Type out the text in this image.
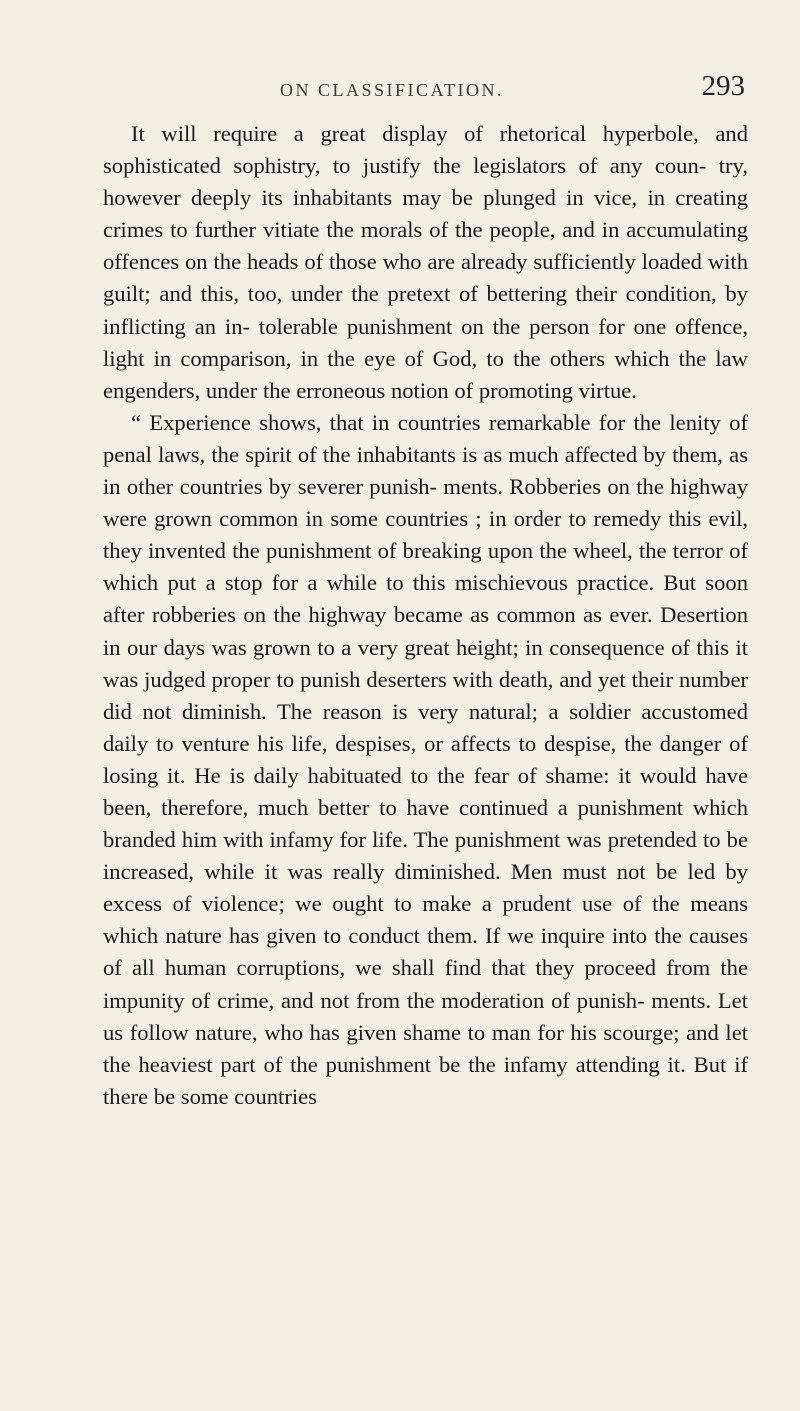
ON CLASSIFICATION.	293

It will require a great display of rhetorical hyperbole, and sophisticated sophistry, to justify the legislators of any coun- try, however deeply its inhabitants may be plunged in vice, in creating crimes to further vitiate the morals of the people, and in accumulating offences on the heads of those who are already sufficiently loaded with guilt; and this, too, under the pretext of bettering their condition, by inflicting an in- tolerable punishment on the person for one offence, light in comparison, in the eye of God, to the others which the law engenders, under the erroneous notion of promoting virtue.

“ Experience shows, that in countries remarkable for the lenity of penal laws, the spirit of the inhabitants is as much affected by them, as in other countries by severer punish- ments. Robberies on the highway were grown common in some countries ; in order to remedy this evil, they invented the punishment of breaking upon the wheel, the terror of which put a stop for a while to this mischievous practice. But soon after robberies on the highway became as common as ever. Desertion in our days was grown to a very great height; in consequence of this it was judged proper to punish deserters with death, and yet their number did not diminish. The reason is very natural; a soldier accustomed daily to venture his life, despises, or affects to despise, the danger of losing it. He is daily habituated to the fear of shame: it would have been, therefore, much better to have continued a punishment which branded him with infamy for life. The punishment was pretended to be increased, while it was really diminished. Men must not be led by excess of violence; we ought to make a prudent use of the means which nature has given to conduct them. If we inquire into the causes of all human corruptions, we shall find that they proceed from the impunity of crime, and not from the moderation of punish- ments. Let us follow nature, who has given shame to man for his scourge; and let the heaviest part of the punishment be the infamy attending it. But if there be some countries
